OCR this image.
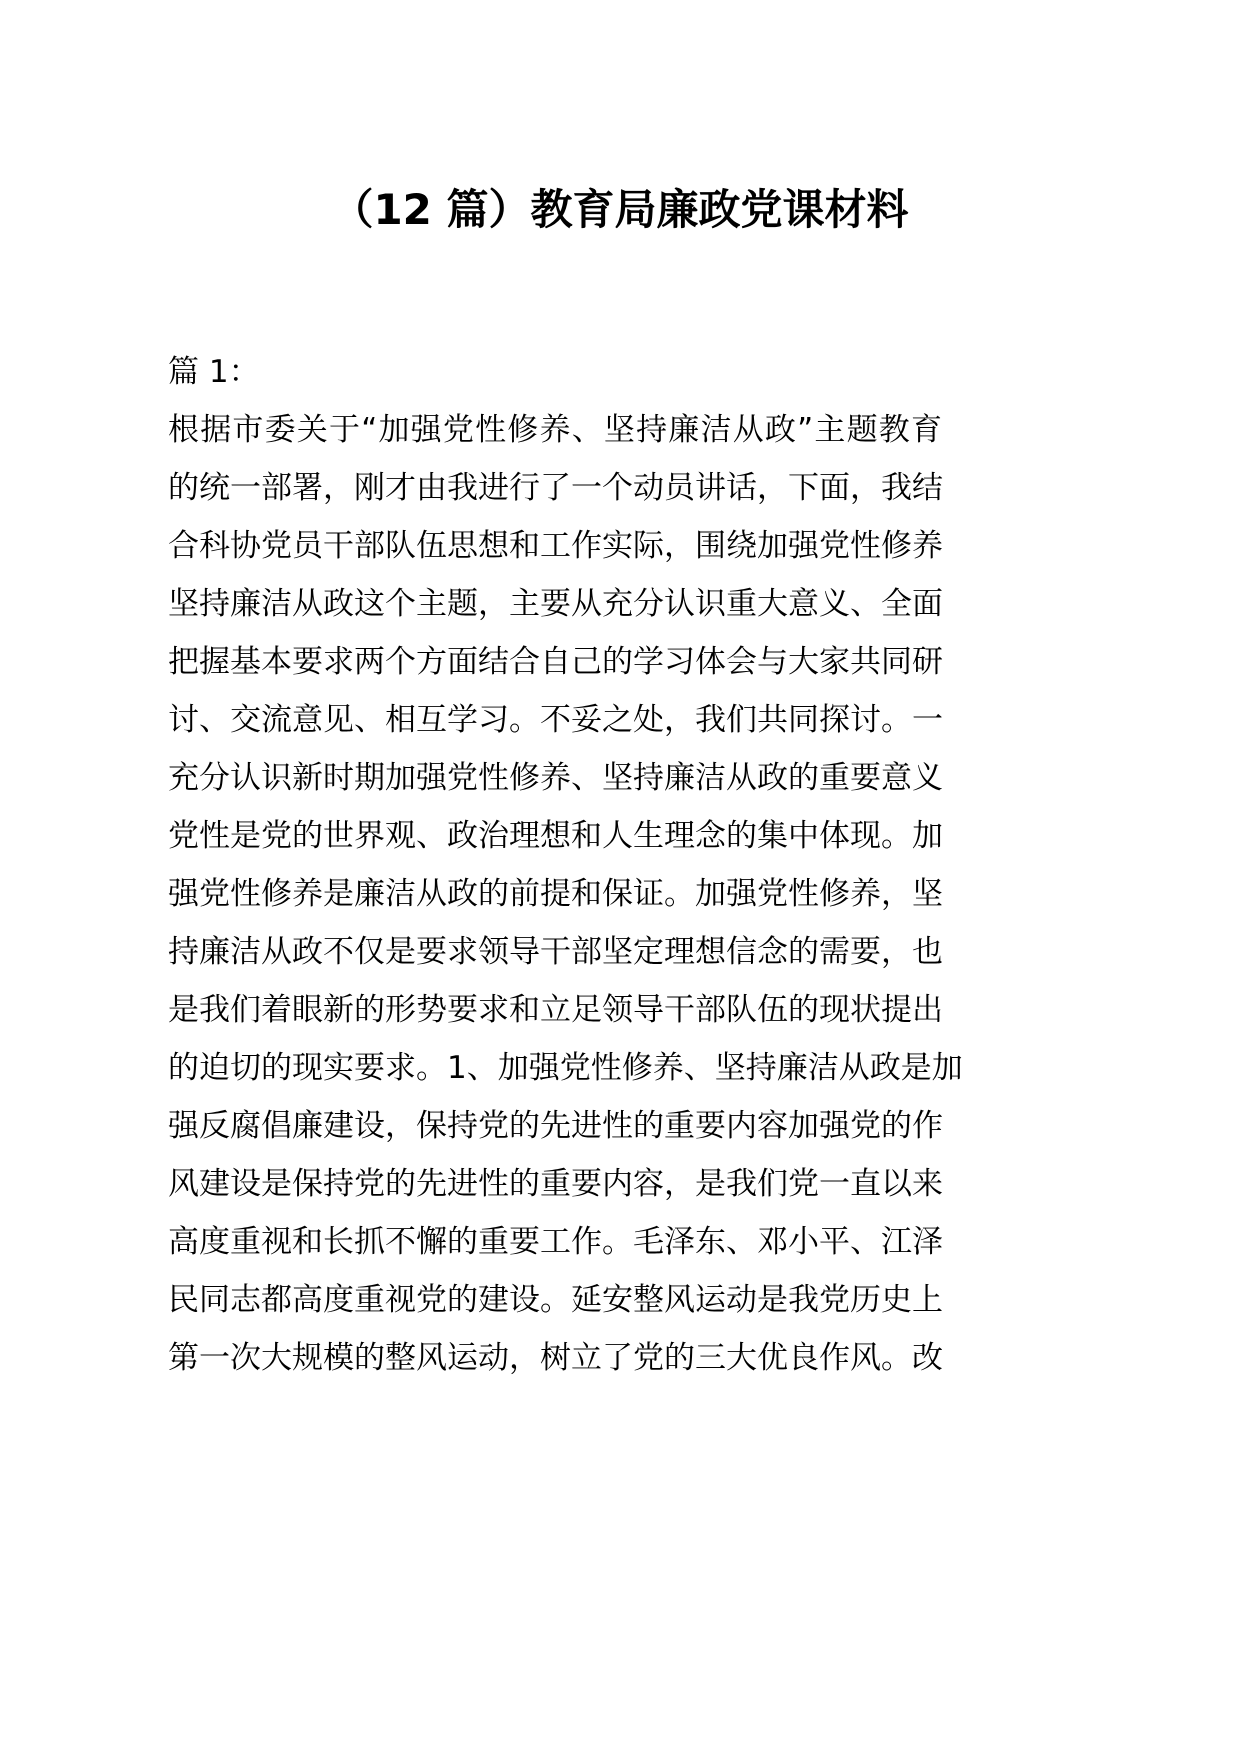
（12 篇）教育局廉政党课材料
篇 1：
根据市委关于“加强党性修养、坚持廉洁从政”主题教育
的统一部署，刚才由我进行了一个动员讲话，下面，我结
合科协党员干部队伍思想和工作实际，围绕加强党性修养
坚持廉洁从政这个主题，主要从充分认识重大意义、全面
把握基本要求两个方面结合自己的学习体会与大家共同研
讨、交流意见、相互学习。不妥之处，我们共同探讨。一
充分认识新时期加强党性修养、坚持廉洁从政的重要意义
党性是党的世界观、政治理想和人生理念的集中体现。加
强党性修养是廉洁从政的前提和保证。加强党性修养，坚
持廉洁从政不仅是要求领导干部坚定理想信念的需要，也
是我们着眼新的形势要求和立足领导干部队伍的现状提出
的迫切的现实要求。1、加强党性修养、坚持廉洁从政是加
强反腐倡廉建设，保持党的先进性的重要内容加强党的作
风建设是保持党的先进性的重要内容，是我们党一直以来
高度重视和长抓不懈的重要工作。毛泽东、邓小平、江泽
民同志都高度重视党的建设。延安整风运动是我党历史上
第一次大规模的整风运动，树立了党的三大优良作风。改
